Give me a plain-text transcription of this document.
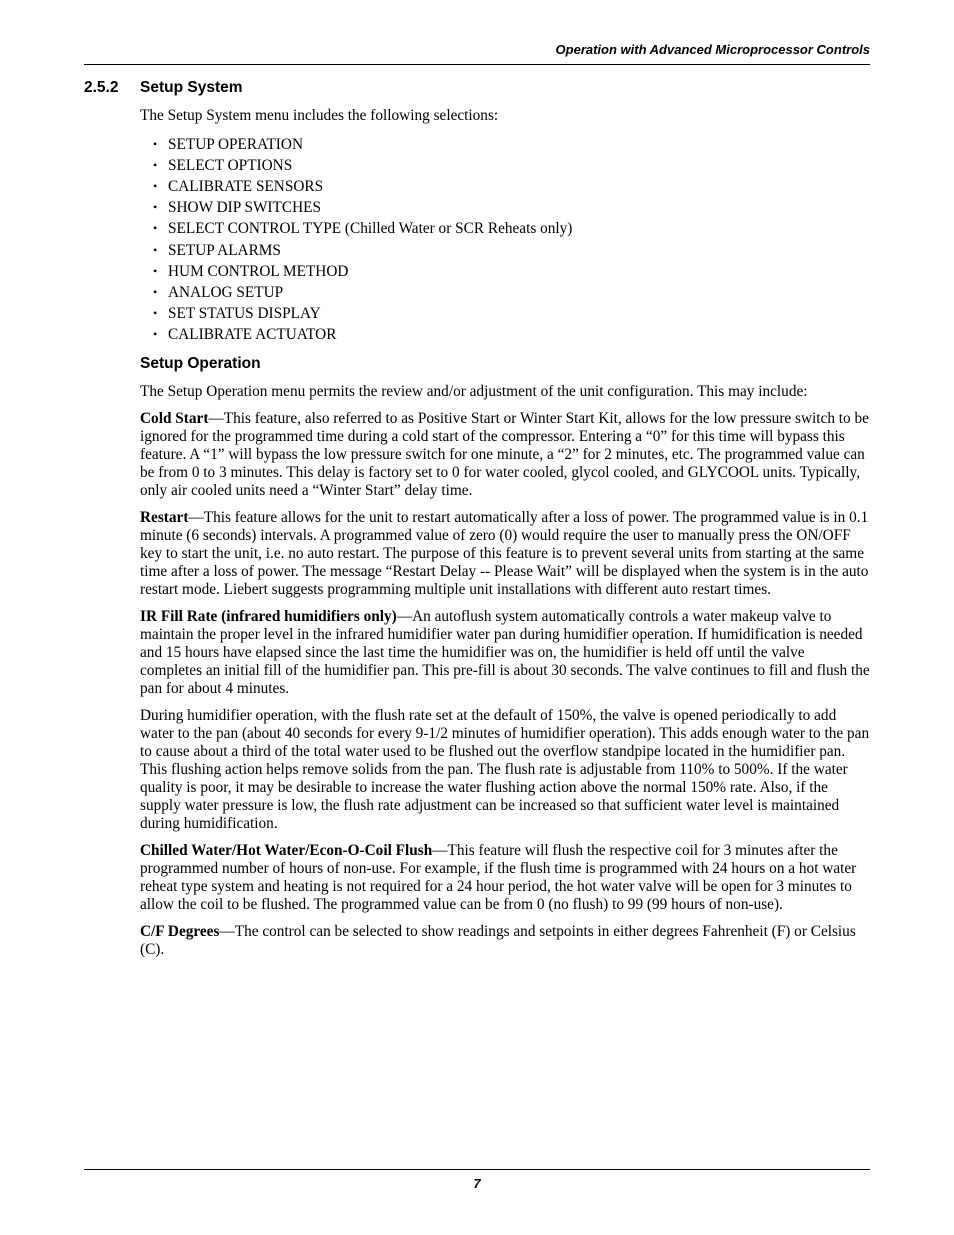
Operation with Advanced Microprocessor Controls
2.5.2 Setup System

The Setup System menu includes the following selections:

• SETUP OPERATION
• SELECT OPTIONS
• CALIBRATE SENSORS
• SHOW DIP SWITCHES
• SELECT CONTROL TYPE (Chilled Water or SCR Reheats only)
• SETUP ALARMS
• HUM CONTROL METHOD
• ANALOG SETUP
• SET STATUS DISPLAY
• CALIBRATE ACTUATOR
Setup Operation

The Setup Operation menu permits the review and/or adjustment of the unit configuration. This may include:

Cold Start—This feature, also referred to as Positive Start or Winter Start Kit, allows for the low pressure switch to be ignored for the programmed time during a cold start of the compressor. Entering a “0” for this time will bypass this feature. A “1” will bypass the low pressure switch for one minute, a “2” for 2 minutes, etc. The programmed value can be from 0 to 3 minutes. This delay is factory set to 0 for water cooled, glycol cooled, and GLYCOOL units. Typically, only air cooled units need a “Winter Start” delay time.

Restart—This feature allows for the unit to restart automatically after a loss of power. The programmed value is in 0.1 minute (6 seconds) intervals. A programmed value of zero (0) would require the user to manually press the ON/OFF key to start the unit, i.e. no auto restart. The purpose of this feature is to prevent several units from starting at the same time after a loss of power. The message “Restart Delay -- Please Wait” will be displayed when the system is in the auto restart mode. Liebert suggests programming multiple unit installations with different auto restart times.

IR Fill Rate (infrared humidifiers only)—An autoflush system automatically controls a water makeup valve to maintain the proper level in the infrared humidifier water pan during humidifier operation. If humidification is needed and 15 hours have elapsed since the last time the humidifier was on, the humidifier is held off until the valve completes an initial fill of the humidifier pan. This pre-fill is about 30 seconds. The valve continues to fill and flush the pan for about 4 minutes.

During humidifier operation, with the flush rate set at the default of 150%, the valve is opened periodically to add water to the pan (about 40 seconds for every 9-1/2 minutes of humidifier operation). This adds enough water to the pan to cause about a third of the total water used to be flushed out the overflow standpipe located in the humidifier pan. This flushing action helps remove solids from the pan. The flush rate is adjustable from 110% to 500%. If the water quality is poor, it may be desirable to increase the water flushing action above the normal 150% rate. Also, if the supply water pressure is low, the flush rate adjustment can be increased so that sufficient water level is maintained during humidification.

Chilled Water/Hot Water/Econ-O-Coil Flush—This feature will flush the respective coil for 3 minutes after the programmed number of hours of non-use. For example, if the flush time is programmed with 24 hours on a hot water reheat type system and heating is not required for a 24 hour period, the hot water valve will be open for 3 minutes to allow the coil to be flushed. The programmed value can be from 0 (no flush) to 99 (99 hours of non-use).

C/F Degrees—The control can be selected to show readings and setpoints in either degrees Fahrenheit (F) or Celsius (C).

7
